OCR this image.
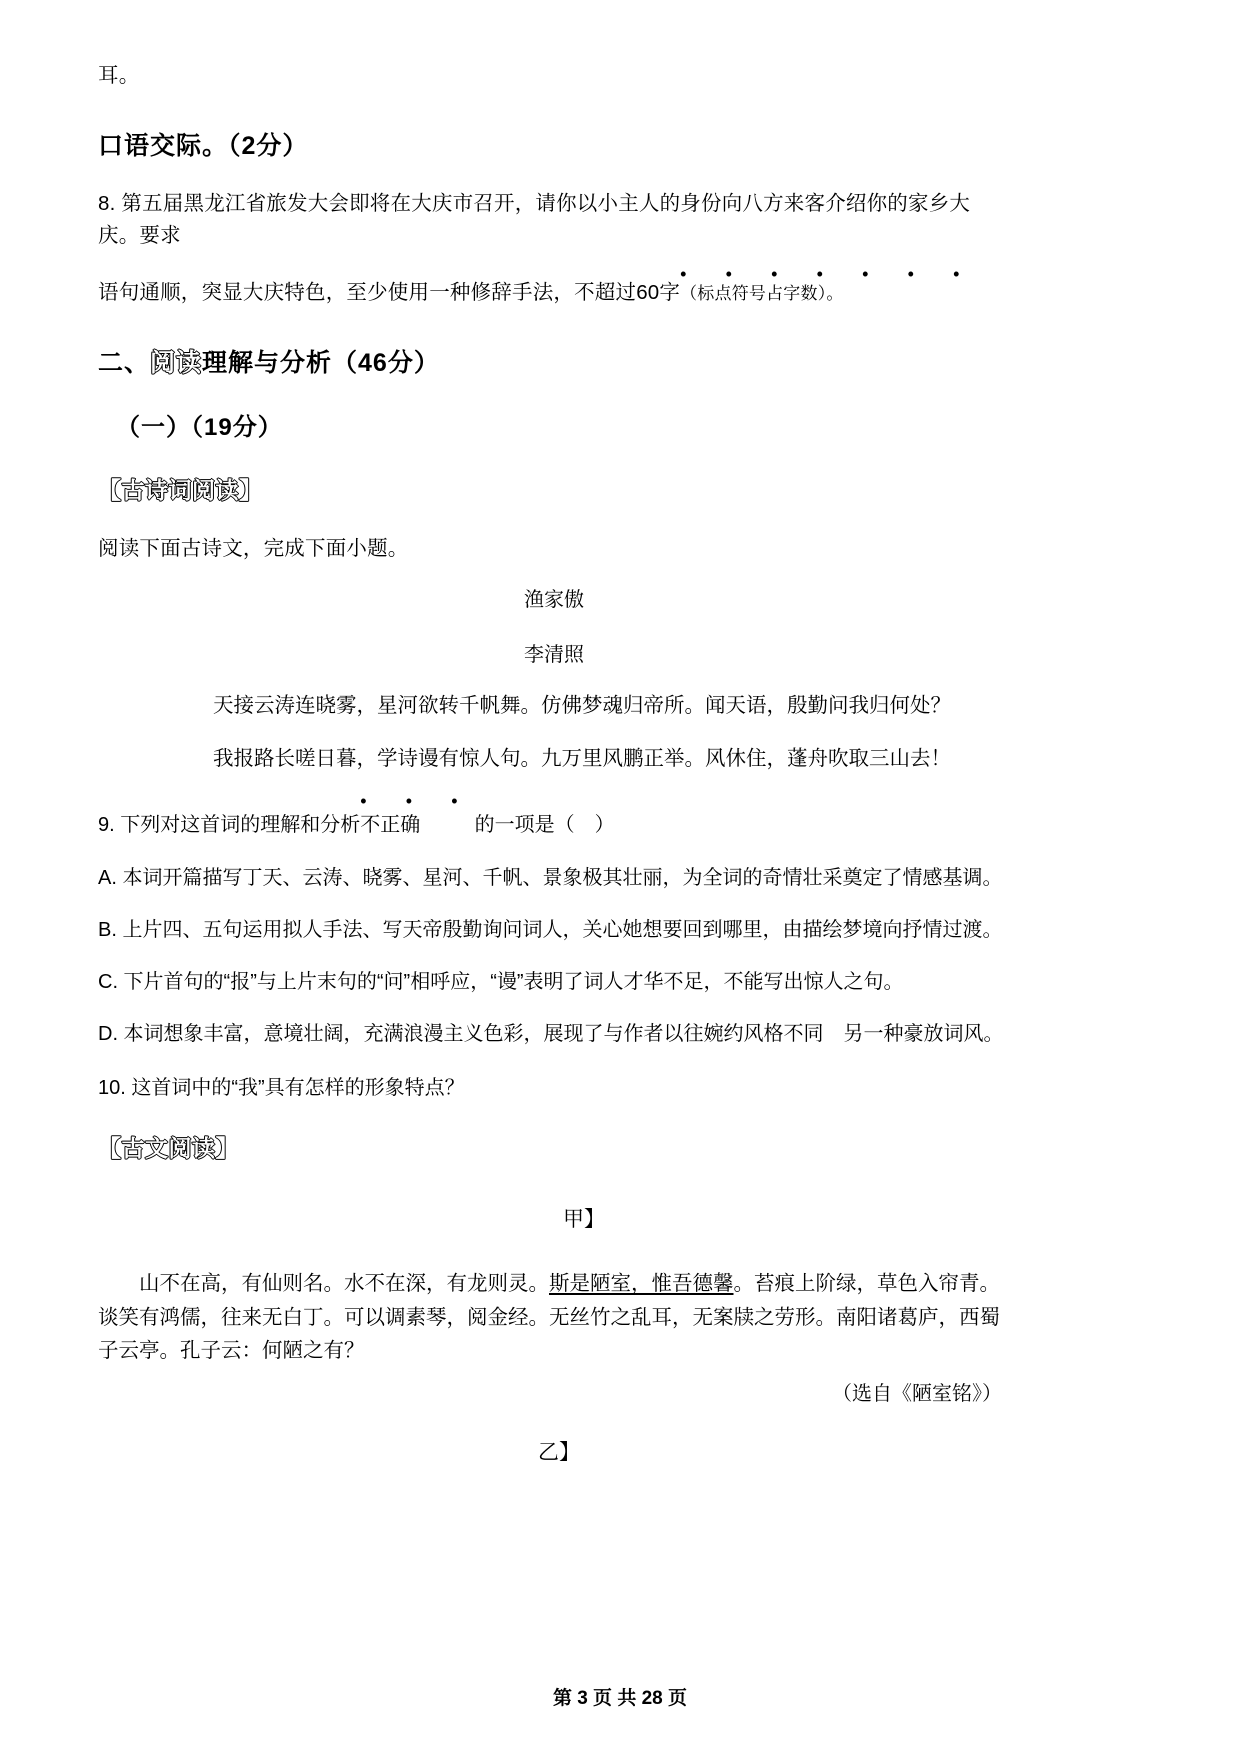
耳。
口语交际。（2分）
8. 第五届黑龙江省旅发大会即将在大庆市召开，请你以小主人的身份向八方来客介绍你的家乡大庆。要求
语句通顺，突显大庆特色，至少使用一种修辞手法，不超过60字
• • • • • • •
（标点符号占字数）。
二、阅读理解与分析（46分）
（一）（19分）
【古诗词阅读】
阅读下面古诗文，完成下面小题。
渔家傲
李清照
天接云涛连晓雾，星河欲转千帆舞。仿佛梦魂归帝所。闻天语，殷勤问我归何处？
我报路长嗟日暮，学诗谩有惊人句。九万里风鹏正举。风休住，蓬舟吹取三山去！
9. 下列对这首词的理解和分析
• • •
不正确	的一项是（　）
A. 本词开篇描写丁天、云涛、晓雾、星河、千帆、景象极其壮丽，为全词的奇情壮采奠定了情感基调。
B. 上片四、五句运用拟人手法、写天帝殷勤询问词人，关心她想要回到哪里，由描绘梦境向抒情过渡。
C. 下片首句的“报”与上片末句的“问”相呼应，“谩”表明了词人才华不足，不能写出惊人之句。
D. 本词想象丰富，意境壮阔，充满浪漫主义色彩，展现了与作者以往婉约风格不同　另一种豪放词风。
10. 这首词中的“我”具有怎样的形象特点？
【古文阅读】
甲】
山不在高，有仙则名。水不在深，有龙则灵。斯是陋室，惟吾德馨。苔痕上阶绿，草色入帘青。谈笑有鸿儒，往来无白丁。可以调素琴，阅金经。无丝竹之乱耳，无案牍之劳形。南阳诸葛庐，西蜀子云亭。孔子云：何陋之有？
（选自《陋室铭》）
乙】
第 3 页 共 28 页
